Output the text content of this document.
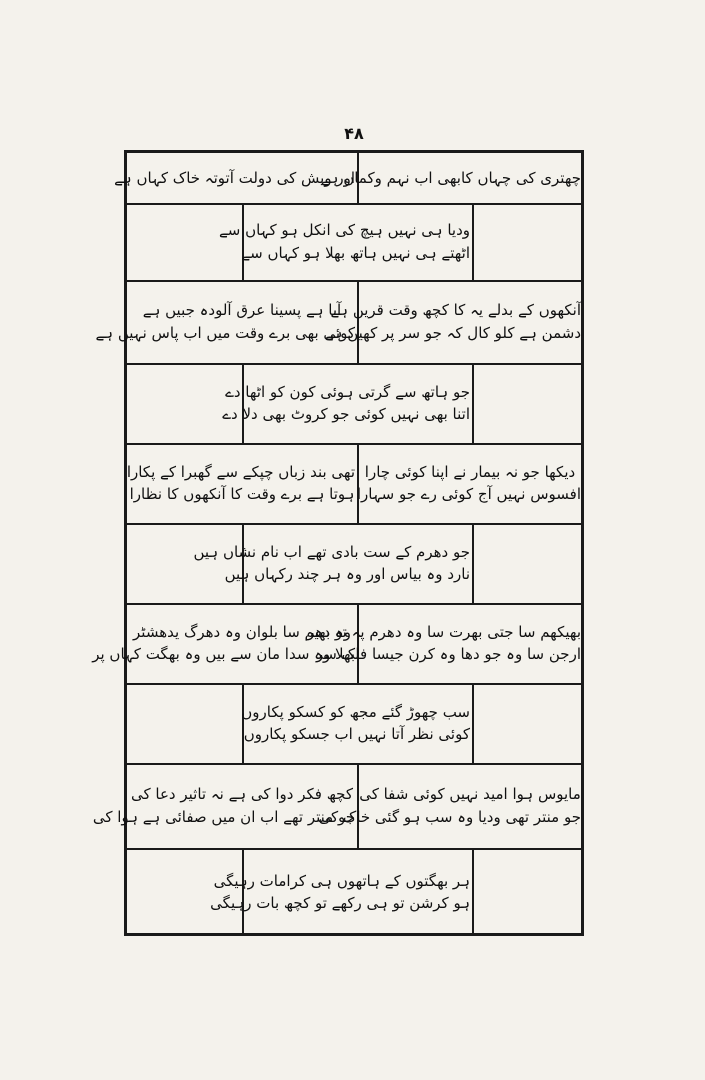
۴۸
چھتری کی چہاں کابھی اب نہم وکماں ہے
اور ویش کی دولت آتوتہ خاک کہاں ہے
ودیا ہی نہیں ہیچ کی انکل ہو کہاں سے
اٹھتے ہی نہیں ہاتھ بھلا ہو کہاں سے
آنکھوں کے بدلے یہ کا کچھ وقت قریں ہے
دشمن ہے کلو کال کہ جو سر پر کھیں ہے
آیا ہے پسینا عرق آلودہ جبیں ہے
کوئی بھی برے وقت میں اب پاس نہیں ہے
جو ہاتھ سے گرتی ہوئی کون کو اٹھا دے
اتنا بھی نہیں کوئی جو کروٹ بھی دلا دے
دیکھا جو نہ بیمار نے اپنا کوئی چارا
افسوس نہیں آج کوئی رے جو سہارا
تھی بند زباں چپکے سے گھبرا کے پکارا
ہوتا ہے برے وقت کا آنکھوں کا نظارا
جو دھرم کے ست بادی تھے اب نام نشاں ہیں
نارد وہ بیاس اور وہ ہر چند رکہاں ہیں
بھیکھم سا جتی بھرت سا وہ دھرم پہ تو دھر
ارجن سا وہ جو دھا وہ کرن جیسا فلک سر
وہ بھیم سا بلوان وہ دھرگ یدھشٹر
بھلا وہ سدا مان سے بیں وہ بھگت کہاں پر
سب چھوڑ گئے مجھ کو کسکو پکاروں
کوئی نظر آتا نہیں اب جسکو پکاروں
مایوس ہوا امید نہیں کوئی شفا کی
جو منتر تھی ودیا وہ سب ہو گئی خاک کی
کچھ فکر دوا کی ہے نہ تاثیر دعا کی
جو منتر تھے اب ان میں صفائی ہے ہوا کی
ہر بھگتوں کے ہاتھوں ہی کرامات رہیگی
ہو کرشن تو ہی رکھے تو کچھ بات رہیگی
